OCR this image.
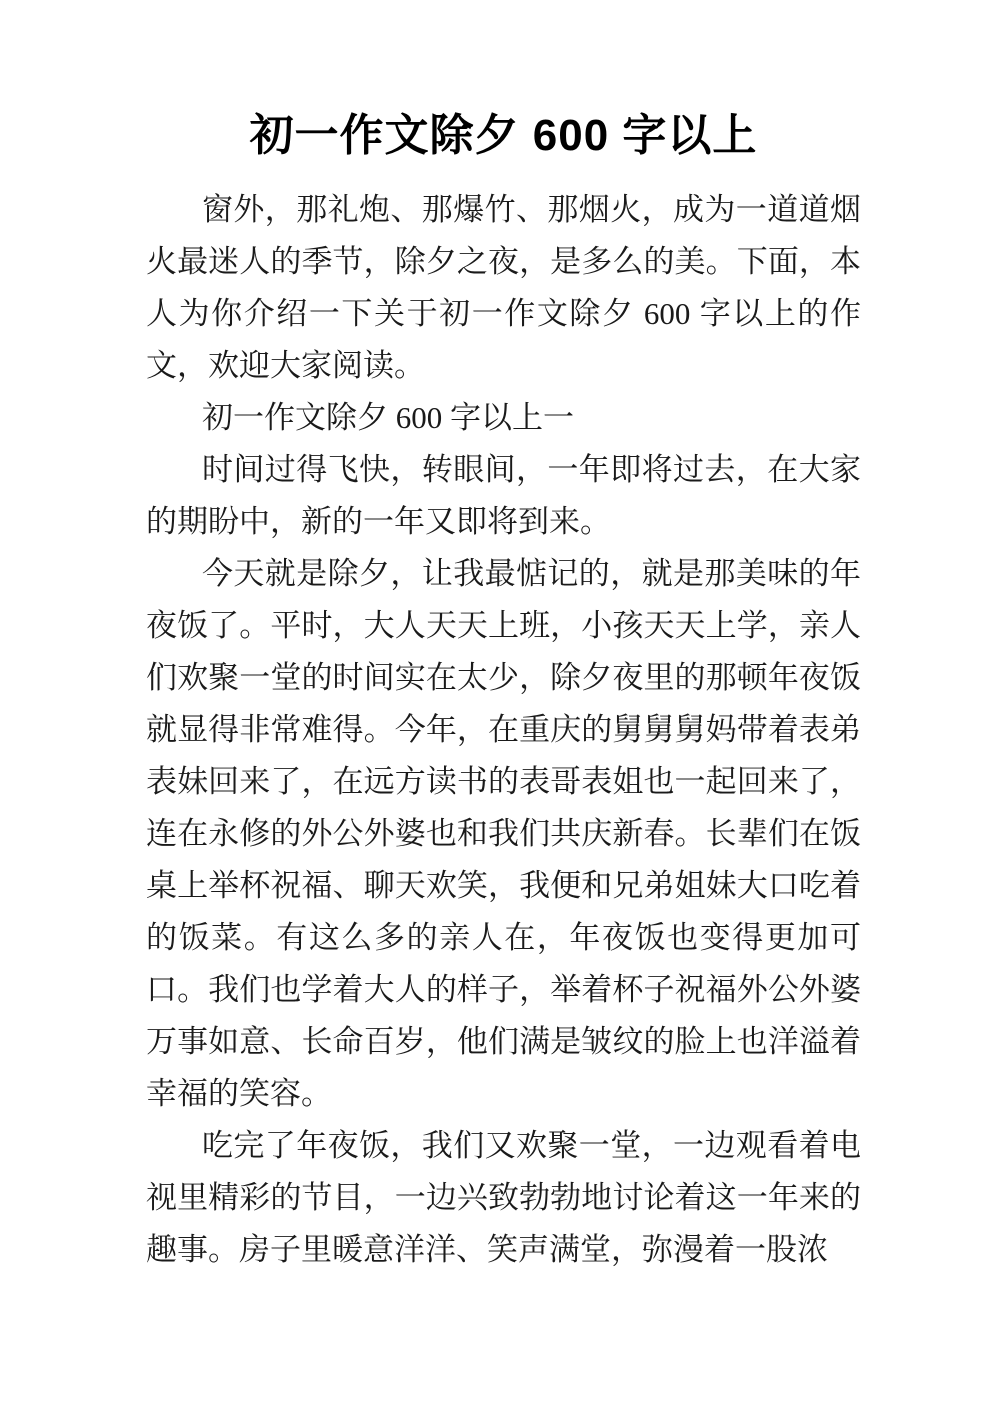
初一作文除夕 600 字以上

窗外，那礼炮、那爆竹、那烟火，成为一道道烟火最迷人的季节，除夕之夜，是多么的美。下面，本人为你介绍一下关于初一作文除夕 600 字以上的作文，欢迎大家阅读。

初一作文除夕 600 字以上一

时间过得飞快，转眼间，一年即将过去，在大家的期盼中，新的一年又即将到来。

今天就是除夕，让我最惦记的，就是那美味的年夜饭了。平时，大人天天上班，小孩天天上学，亲人们欢聚一堂的时间实在太少，除夕夜里的那顿年夜饭就显得非常难得。今年，在重庆的舅舅舅妈带着表弟表妹回来了，在远方读书的表哥表姐也一起回来了，连在永修的外公外婆也和我们共庆新春。长辈们在饭桌上举杯祝福、聊天欢笑，我便和兄弟姐妹大口吃着的饭菜。有这么多的亲人在，年夜饭也变得更加可口。我们也学着大人的样子，举着杯子祝福外公外婆万事如意、长命百岁，他们满是皱纹的脸上也洋溢着幸福的笑容。

吃完了年夜饭，我们又欢聚一堂，一边观看着电视里精彩的节目，一边兴致勃勃地讨论着这一年来的趣事。房子里暖意洋洋、笑声满堂，弥漫着一股浓
